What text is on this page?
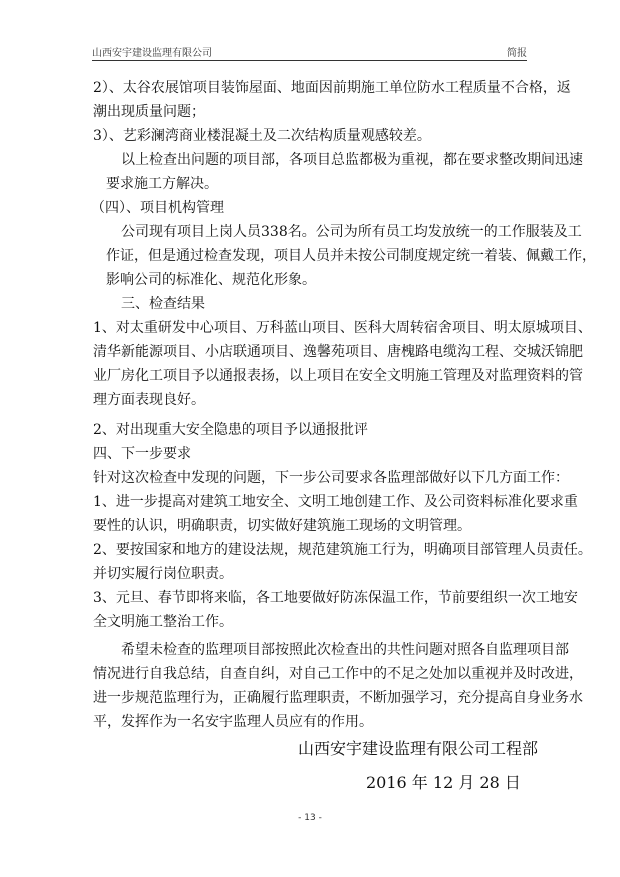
山西安宇建设监理有限公司	简报
2）、太谷农展馆项目装饰屋面、地面因前期施工单位防水工程质量不合格，返
潮出现质量问题；
3）、艺彩澜湾商业楼混凝土及二次结构质量观感较差。
以上检查出问题的项目部，各项目总监都极为重视，都在要求整改期间迅速
要求施工方解决。
（四）、项目机构管理
公司现有项目上岗人员338名。公司为所有员工均发放统一的工作服装及工
作证，但是通过检查发现，项目人员并未按公司制度规定统一着装、佩戴工作，
影响公司的标准化、规范化形象。
三、检查结果
1、对太重研发中心项目、万科蓝山项目、医科大周转宿舍项目、明太原城项目、
清华新能源项目、小店联通项目、逸馨苑项目、唐槐路电缆沟工程、交城沃锦肥
业厂房化工项目予以通报表扬，以上项目在安全文明施工管理及对监理资料的管
理方面表现良好。
2、对出现重大安全隐患的项目予以通报批评
四、下一步要求
针对这次检查中发现的问题，下一步公司要求各监理部做好以下几方面工作：
1、进一步提高对建筑工地安全、文明工地创建工作、及公司资料标准化要求重
要性的认识，明确职责，切实做好建筑施工现场的文明管理。
2、要按国家和地方的建设法规，规范建筑施工行为，明确项目部管理人员责任。
并切实履行岗位职责。
3、元旦、春节即将来临，各工地要做好防冻保温工作，节前要组织一次工地安
全文明施工整治工作。
希望未检查的监理项目部按照此次检查出的共性问题对照各自监理项目部
情况进行自我总结，自查自纠，对自己工作中的不足之处加以重视并及时改进，
进一步规范监理行为，正确履行监理职责，不断加强学习，充分提高自身业务水
平，发挥作为一名安宇监理人员应有的作用。
山西安宇建设监理有限公司工程部
2016 年 12 月 28 日
- 13 -
